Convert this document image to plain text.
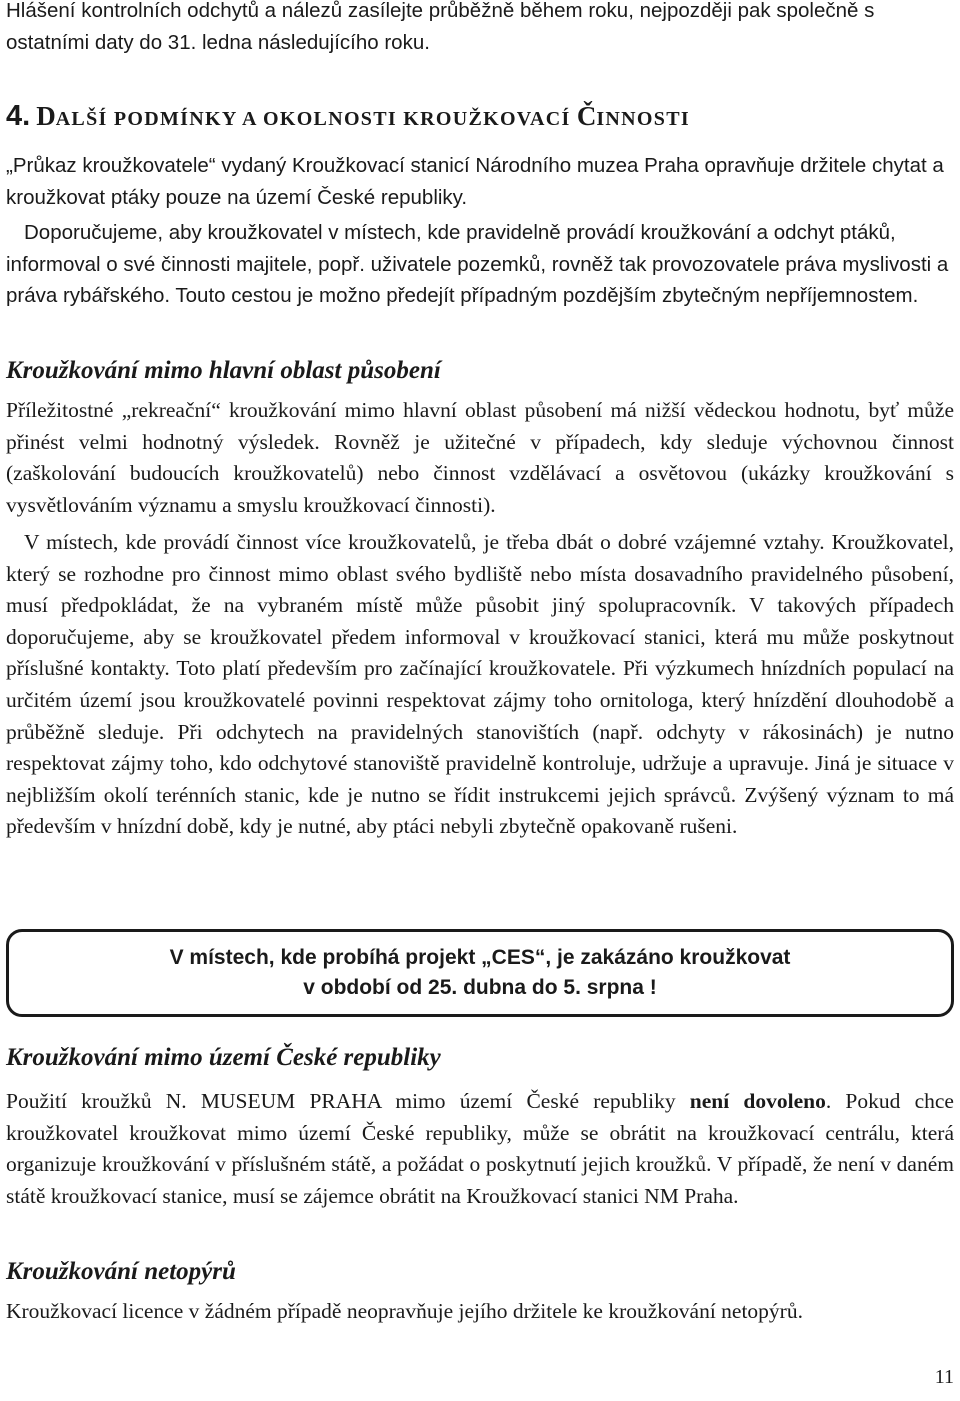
Hlášení kontrolních odchytů a nálezů zasílejte průběžně během roku, nejpozději pak společně s ostatními daty do 31. ledna následujícího roku.

4. DALŠÍ PODMÍNKY A OKOLNOSTI KROUŽKOVACÍ ČINNOSTI

„Průkaz kroužkovatele“ vydaný Kroužkovací stanicí Národního muzea Praha opravňuje držitele chytat a kroužkovat ptáky pouze na území České republiky.

Doporučujeme, aby kroužkovatel v místech, kde pravidelně provádí kroužkování a odchyt ptáků, informoval o své činnosti majitele, popř. uživatele pozemků, rovněž tak provozovatele práva myslivosti a práva rybářského. Touto cestou je možno předejít případným pozdějším zbytečným nepříjemnostem.

Kroužkování mimo hlavní oblast působení

Příležitostné „rekreační“ kroužkování mimo hlavní oblast působení má nižší vědeckou hodnotu, byť může přinést velmi hodnotný výsledek. Rovněž je užitečné v případech, kdy sleduje výchovnou činnost (zaškolování budoucích kroužkovatelů) nebo činnost vzdělávací a osvětovou (ukázky kroužkování s vysvětlováním významu a smyslu kroužkovací činnosti).

V místech, kde provádí činnost více kroužkovatelů, je třeba dbát o dobré vzájemné vztahy. Kroužkovatel, který se rozhodne pro činnost mimo oblast svého bydliště nebo místa dosavadního pravidelného působení, musí předpokládat, že na vybraném místě může působit jiný spolupracovník. V takových případech doporučujeme, aby se kroužkovatel předem informoval v kroužkovací stanici, která mu může poskytnout příslušné kontakty. Toto platí především pro začínající kroužkovatele. Při výzkumech hnízdních populací na určitém území jsou kroužkovatelé povinni respektovat zájmy toho ornitologa, který hnízdění dlouhodobě a průběžně sleduje. Při odchytech na pravidelných stanovištích (např. odchyty v rákosinách) je nutno respektovat zájmy toho, kdo odchytové stanoviště pravidelně kontroluje, udržuje a upravuje. Jiná je situace v nejbližším okolí terénních stanic, kde je nutno se řídit instrukcemi jejich správců. Zvýšený význam to má především v hnízdní době, kdy je nutné, aby ptáci nebyli zbytečně opakovaně rušeni.

V místech, kde probíhá projekt „CES“, je zakázáno kroužkovat
v období od 25. dubna do 5. srpna !
Kroužkování mimo území České republiky

Použití kroužků N. MUSEUM PRAHA mimo území České republiky není dovoleno. Pokud chce kroužkovatel kroužkovat mimo území České republiky, může se obrátit na kroužkovací centrálu, která organizuje kroužkování v příslušném státě, a požádat o poskytnutí jejich kroužků. V případě, že není v daném státě kroužkovací stanice, musí se zájemce obrátit na Kroužkovací stanici NM Praha.

Kroužkování netopýrů

Kroužkovací licence v žádném případě neopravňuje jejího držitele ke kroužkování netopýrů.

11
